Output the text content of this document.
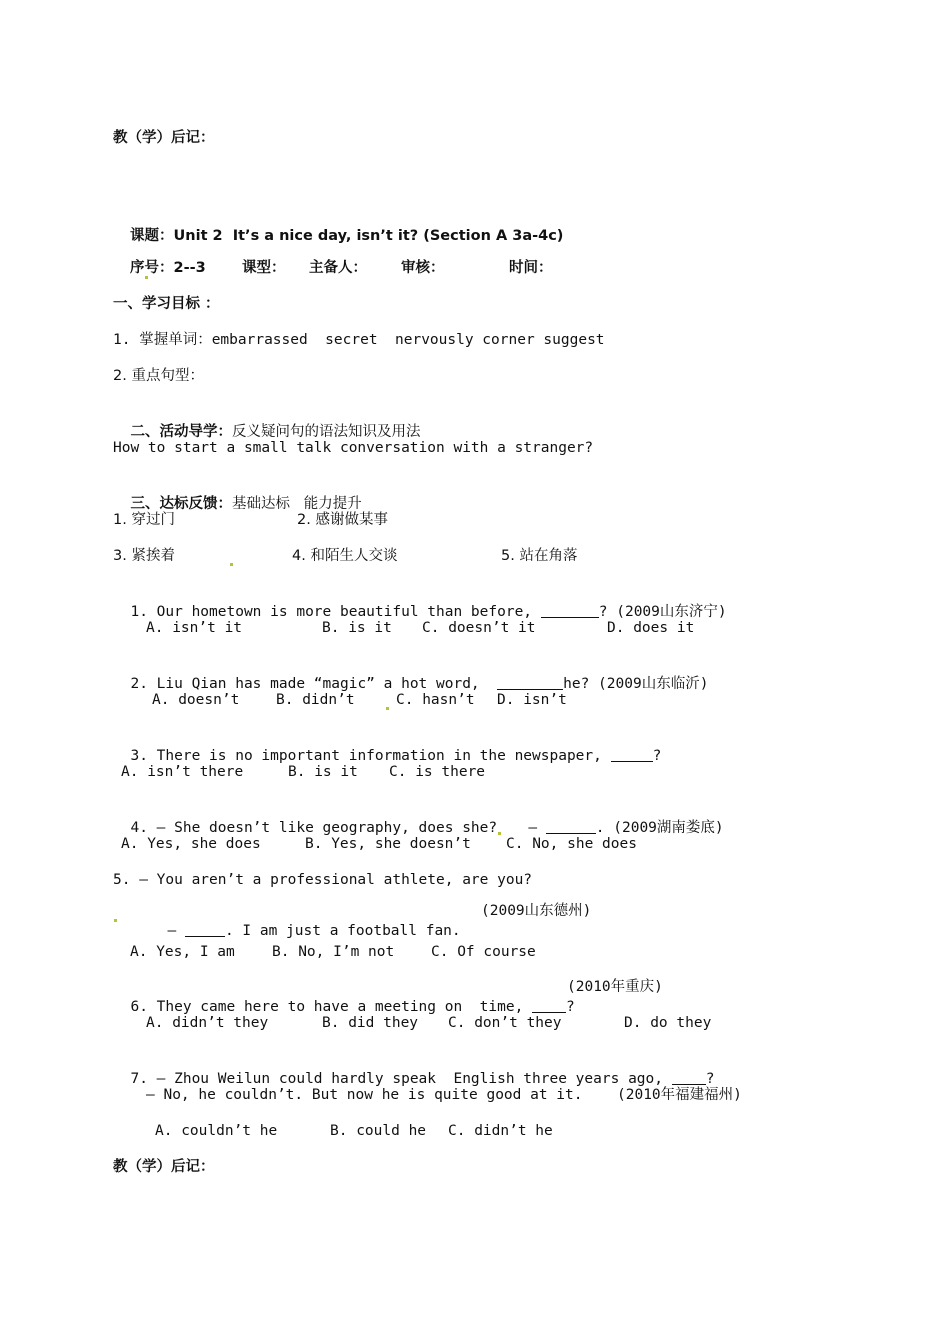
教（学）后记：
课题：Unit 2  It’s a nice day, isn’t it? (Section A 3a-4c)
序号：2--3	课型： 主备人： 审核：	时间：
一、学习目标 ：
1. 掌握单词：embarrassed  secret  nervously corner suggest
2. 重点句型：

二、活动导学：反义疑问句的语法知识及用法

How to start a small talk conversation with a stranger?

三、达标反馈：基础达标   能力提升

1. 穿过门	2. 感谢做某事
3. 紧挨着	4. 和陌生人交谈	5. 站在角落

1. Our hometown is more beautiful than before,	? (2009山东济宁)

A. isn’t it	B. is it C. doesn’t it	D. does it

2. Liu Qian has made “magic” a hot word,	he? (2009山东临沂)

A. doesn’t	B. didn’t	C. hasn’t D. isn’t

3. There is no important information in the newspaper,	?

A. isn’t there	B. is it C. is there

4. — She doesn’t like geography, does she? —	. (2009湖南娄底)

A. Yes, she does	B. Yes, she doesn’t C. No, she does
5. — You aren’t a professional athlete, are you?

—	. I am just a football fan.

(2009山东德州)
A. Yes, I am	B. No, I’m not	C. Of course

6. They came here to have a meeting on  time,	?

(2010年重庆)
A. didn’t they	B. did they C. don’t they	D. do they

7. — Zhou Weilun could hardly speak  English three years ago,	?

— No, he couldn’t. But now he is quite good at it. (2010年福建福州)
A. couldn’t he	B. could he C. didn’t he
教（学）后记：
